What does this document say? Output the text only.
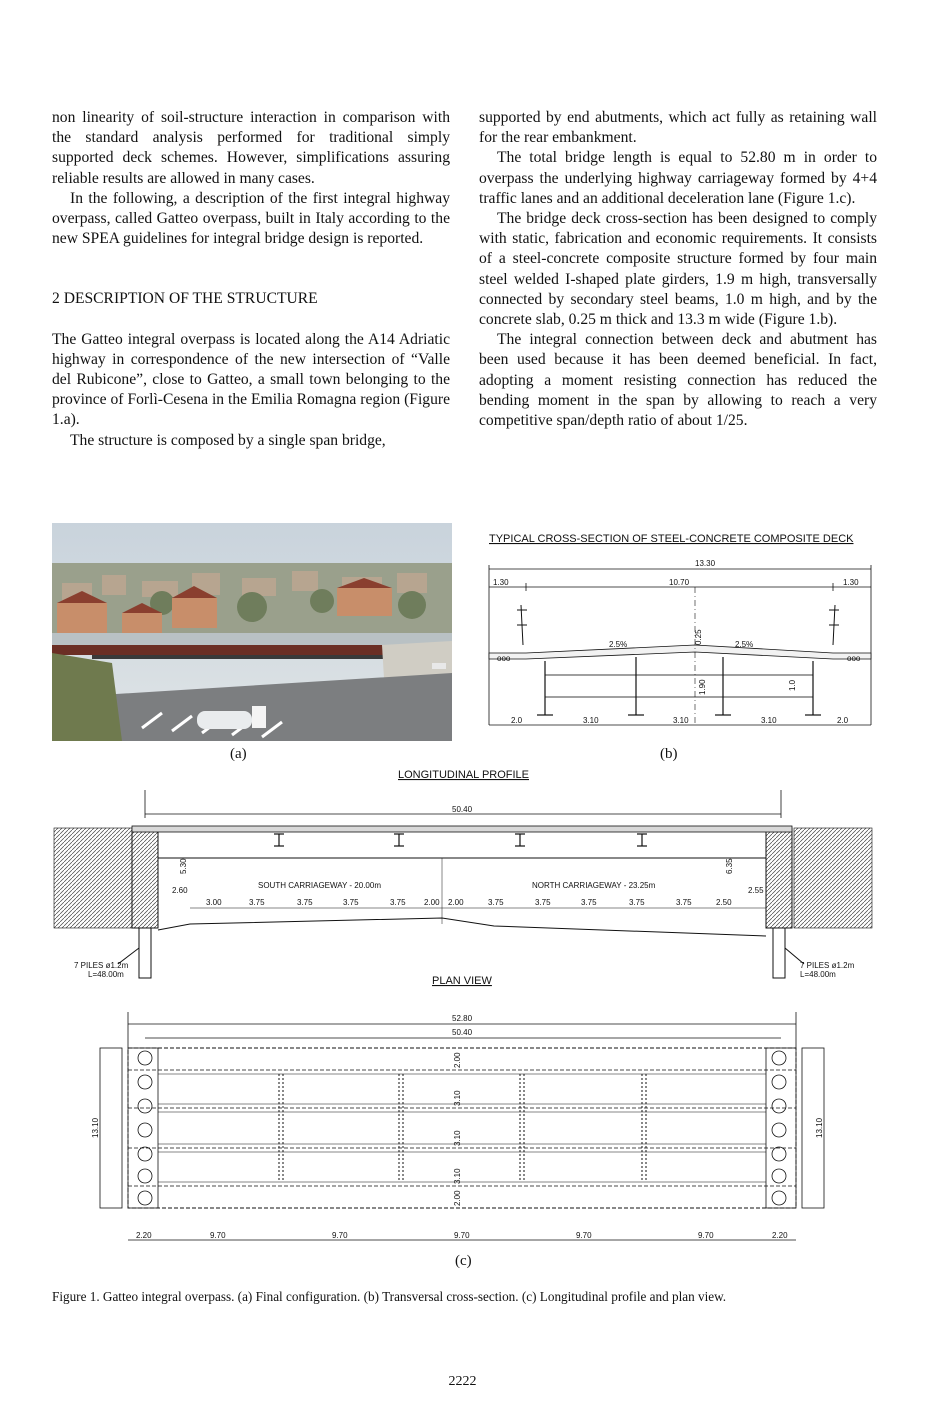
non linearity of soil-structure interaction in comparison with the standard analysis performed for traditional simply supported deck schemes. However, simplifications assuring reliable results are allowed in many cases.

In the following, a description of the first integral highway overpass, called Gatteo overpass, built in Italy according to the new SPEA guidelines for integral bridge design is reported.

2 DESCRIPTION OF THE STRUCTURE

The Gatteo integral overpass is located along the A14 Adriatic highway in correspondence of the new intersection of “Valle del Rubicone”, close to Gatteo, a small town belonging to the province of Forlì-Cesena in the Emilia Romagna region (Figure 1.a).

The structure is composed by a single span bridge,

supported by end abutments, which act fully as retaining wall for the rear embankment.

The total bridge length is equal to 52.80 m in order to overpass the underlying highway carriageway formed by 4+4 traffic lanes and an additional deceleration lane (Figure 1.c).

The bridge deck cross-section has been designed to comply with static, fabrication and economic requirements. It consists of a steel-concrete composite structure formed by four main steel welded I-shaped plate girders, 1.9 m high, transversally connected by secondary steel beams, 1.0 m high, and by the concrete slab, 0.25 m thick and 13.3 m wide (Figure 1.b).

The integral connection between deck and abutment has been used because it has been deemed beneficial. In fact, adopting a moment resisting connection has reduced the bending moment in the span by allowing to reach a very competitive span/depth ratio of about 1/25.

(a)
TYPICAL CROSS-SECTION OF STEEL-CONCRETE COMPOSITE DECK
13.30
1.30	10.70	1.30
2.5%	2.5%
0.25
ooo	ooo
1.90	1.0
2.0	3.10	3.10	3.10	2.0
(b)
LONGITUDINAL PROFILE
50.40
5.30	6.35
2.60	2.55
SOUTH CARRIAGEWAY - 20.00m	NORTH CARRIAGEWAY - 23.25m
3.00	3.75	3.75	3.75	3.75 2.00 2.00	3.75	3.75	3.75	3.75	3.75	2.50
7 PILES ø1.2m
L=48.00m
7 PILES ø1.2m
L=48.00m
PLAN VIEW
52.80
50.40
13.10	13.10
2.00
3.10
3.10
3.10
2.00
2.20	9.70	9.70	9.70	9.70	9.70	2.20
(c)
Figure 1. Gatteo integral overpass. (a) Final configuration. (b) Transversal cross-section. (c) Longitudinal profile and plan view.
2222
